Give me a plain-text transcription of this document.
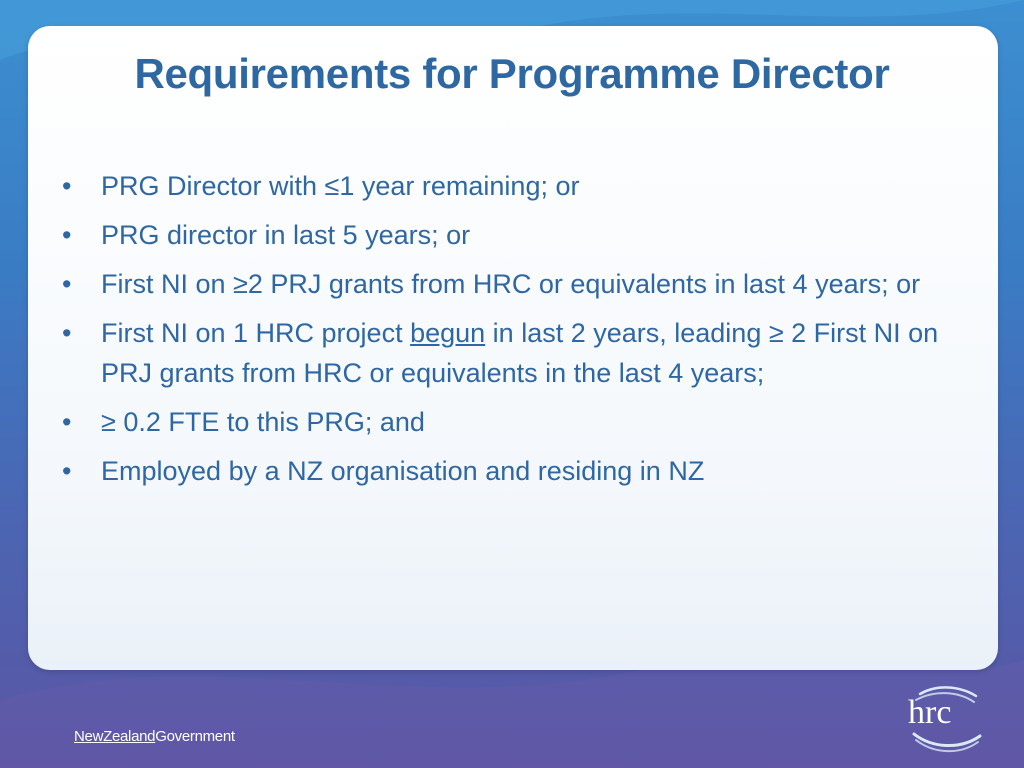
Requirements for Programme Director
• PRG Director with ≤1 year remaining; or
• PRG director in last 5 years; or
• First NI on ≥2 PRJ grants from HRC or equivalents in last 4 years; or
• First NI on 1 HRC project begun in last 2 years, leading ≥ 2 First NI on PRJ grants from HRC or equivalents in the last 4 years;
• ≥ 0.2 FTE to this PRG; and
• Employed by a NZ organisation and residing in NZ
NewZealandGovernment
hrc
